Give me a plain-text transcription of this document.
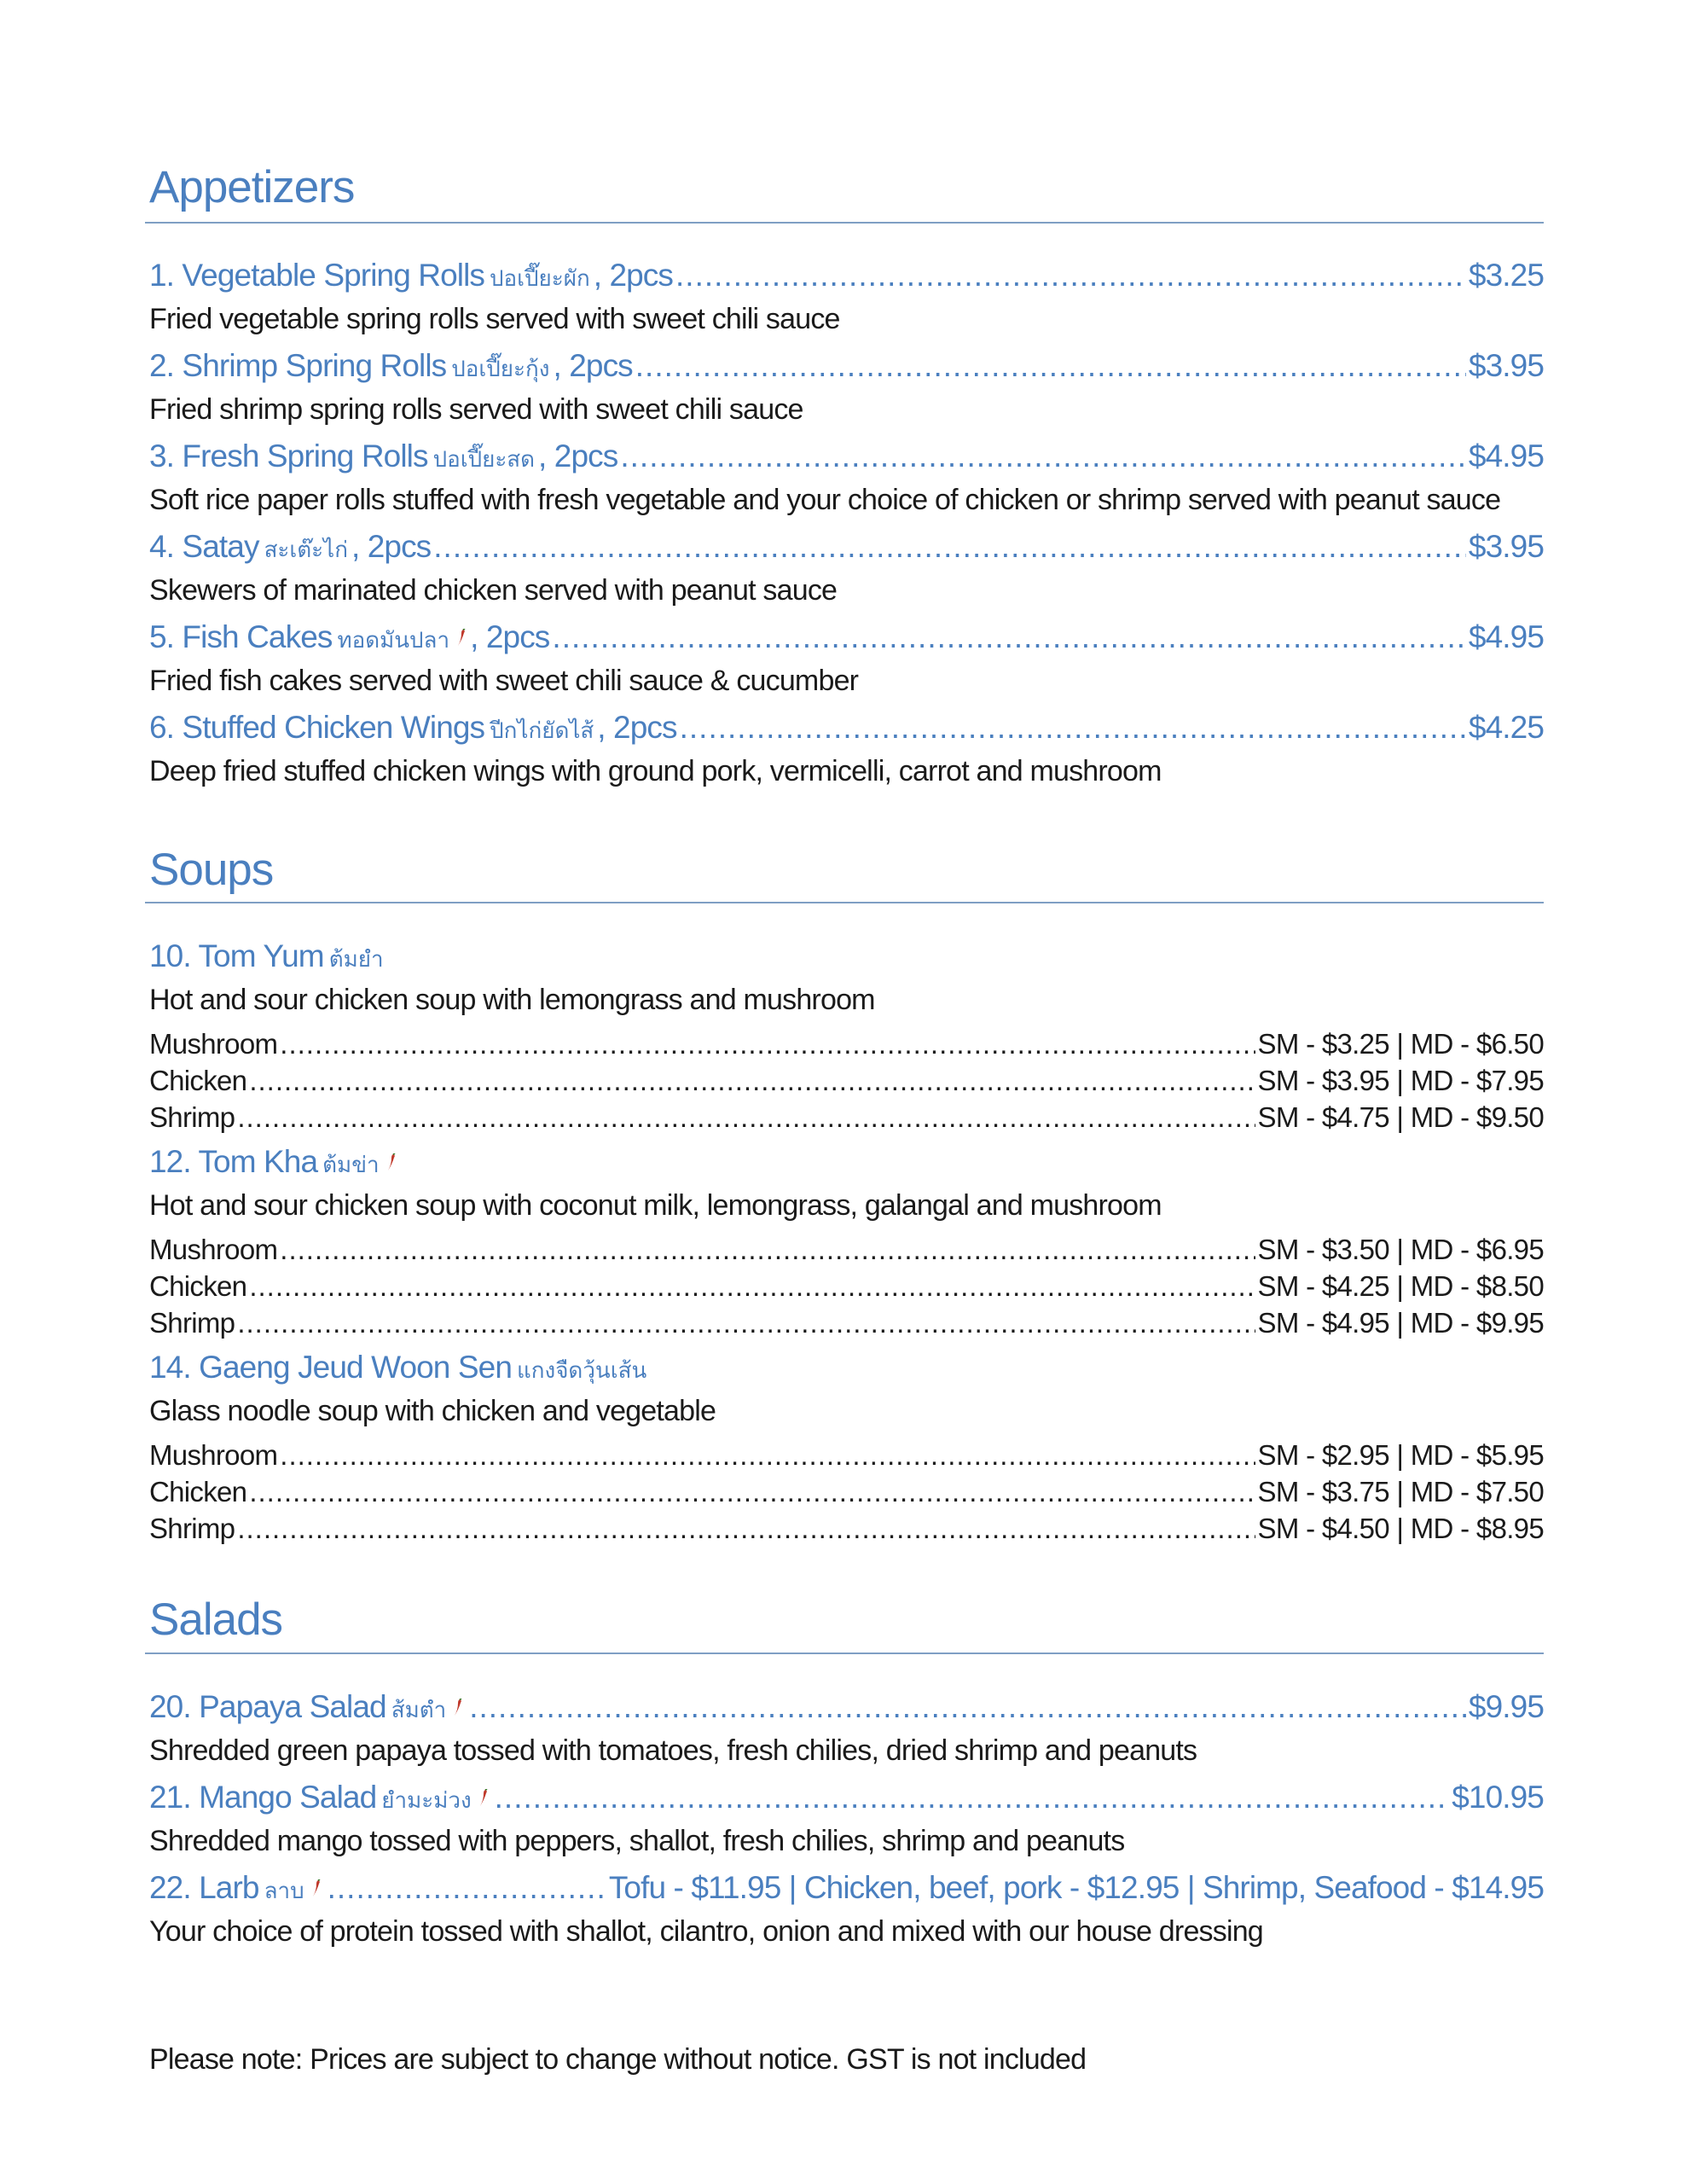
Appetizers
1. Vegetable Spring Rolls ปอเปี๊ยะผัก , 2pcs .....	$3.25
Fried vegetable spring rolls served with sweet chili sauce
2. Shrimp Spring Rolls ปอเปี๊ยะกุ้ง , 2pcs .....	$3.95
Fried shrimp spring rolls served with sweet chili sauce
3. Fresh Spring Rolls ปอเปี๊ยะสด , 2pcs .....	$4.95
Soft rice paper rolls stuffed with fresh vegetable and your choice of chicken or shrimp served with peanut sauce
4. Satay สะเต๊ะไก่ , 2pcs .....	$3.95
Skewers of marinated chicken served with peanut sauce
5. Fish Cakes ทอดมันปลา , 2pcs .....	$4.95
Fried fish cakes served with sweet chili sauce & cucumber
6. Stuffed Chicken Wings ปีกไก่ยัดไส้ , 2pcs .....	$4.25
Deep fried stuffed chicken wings with ground pork, vermicelli, carrot and mushroom
Soups
10. Tom Yum ต้มยำ
Hot and sour chicken soup with lemongrass and mushroom
Mushroom .....	SM - $3.25 | MD - $6.50
Chicken .....	SM - $3.95 | MD - $7.95
Shrimp .....	SM - $4.75 | MD - $9.50
12. Tom Kha ต้มข่า
Hot and sour chicken soup with coconut milk, lemongrass, galangal and mushroom
Mushroom .....	SM - $3.50 | MD - $6.95
Chicken .....	SM - $4.25 | MD - $8.50
Shrimp .....	SM - $4.95 | MD - $9.95
14. Gaeng Jeud Woon Sen แกงจืดวุ้นเส้น
Glass noodle soup with chicken and vegetable
Mushroom .....	SM - $2.95 | MD - $5.95
Chicken .....	SM - $3.75 | MD - $7.50
Shrimp .....	SM - $4.50 | MD - $8.95
Salads
20. Papaya Salad ส้มตำ .....	$9.95
Shredded green papaya tossed with tomatoes, fresh chilies, dried shrimp and peanuts
21. Mango Salad ยำมะม่วง .....	$10.95
Shredded mango tossed with peppers, shallot, fresh chilies, shrimp and peanuts
22. Larb ลาบ .....	Tofu - $11.95 | Chicken, beef, pork - $12.95 | Shrimp, Seafood - $14.95
Your choice of protein tossed with shallot, cilantro, onion and mixed with our house dressing
Please note: Prices are subject to change without notice. GST is not included
